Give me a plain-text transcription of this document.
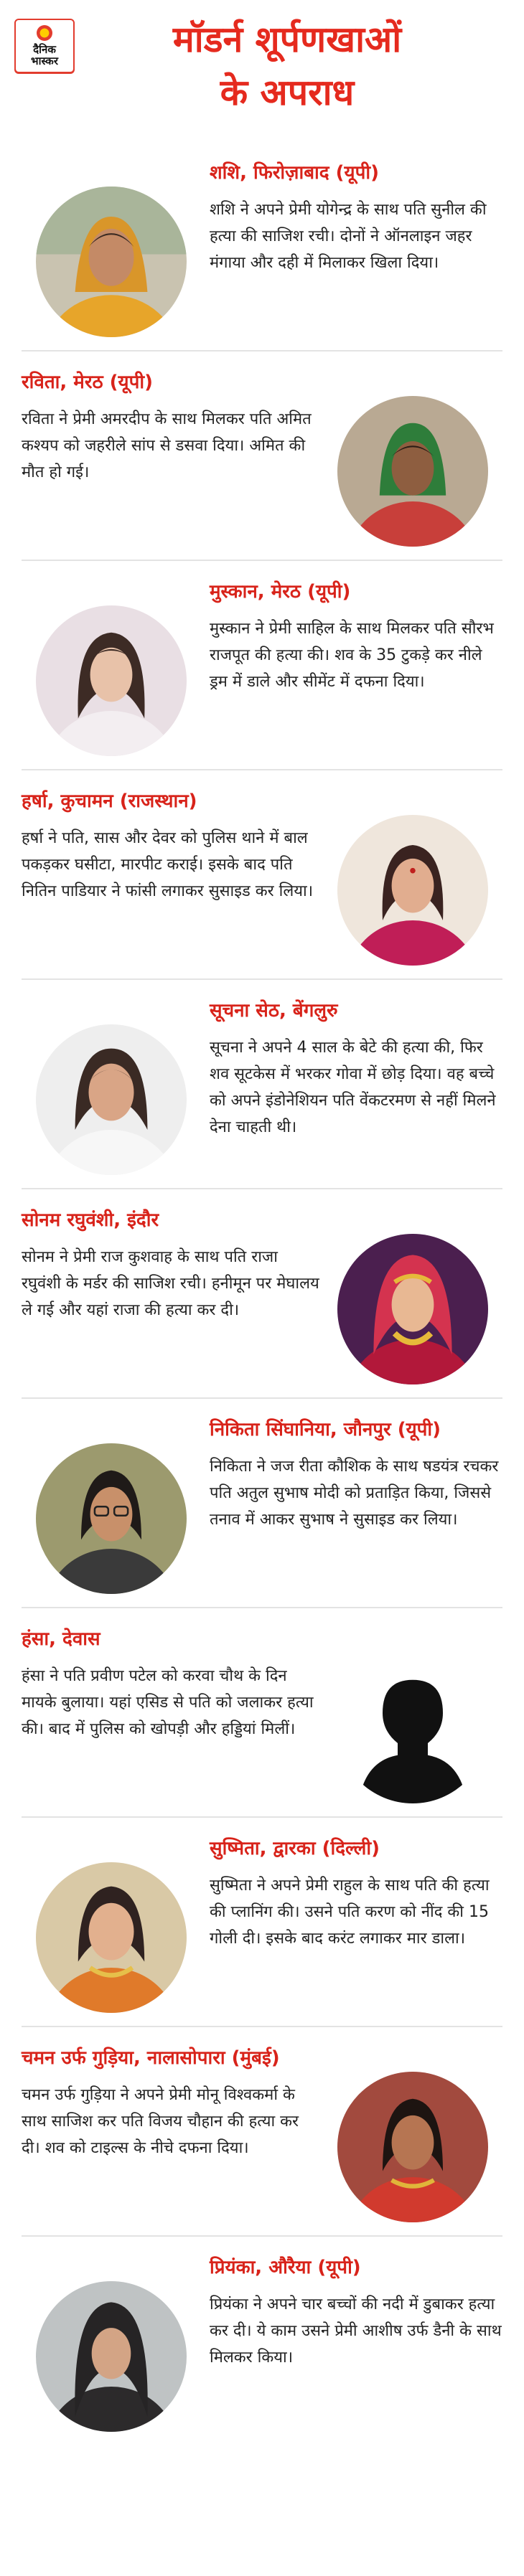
दैनिक
भास्कर
मॉडर्न शूर्पणखाओं
के अपराध
शशि, फिरोज़ाबाद (यूपी)
शशि ने अपने प्रेमी योगेन्द्र के साथ पति सुनील की हत्या की साजिश रची। दोनों ने ऑनलाइन जहर मंगाया और दही में मिलाकर खिला दिया।
रविता, मेरठ (यूपी)
रविता ने प्रेमी अमरदीप के साथ मिलकर पति अमित कश्यप को जहरीले सांप से डसवा दिया। अमित की मौत हो गई।
मुस्कान, मेरठ (यूपी)
मुस्कान ने प्रेमी साहिल के साथ मिलकर पति सौरभ राजपूत की हत्या की। शव के 35 टुकड़े कर नीले ड्रम में डाले और सीमेंट में दफना दिया।
हर्षा, कुचामन (राजस्थान)
हर्षा ने पति, सास और देवर को पुलिस थाने में बाल पकड़कर घसीटा, मारपीट कराई। इसके बाद पति नितिन पाडियार ने फांसी लगाकर सुसाइड कर लिया।
सूचना सेठ, बेंगलुरु
सूचना ने अपने 4 साल के बेटे की हत्या की, फिर शव सूटकेस में भरकर गोवा में छोड़ दिया। वह बच्चे को अपने इंडोनेशियन पति वेंकटरमण से नहीं मिलने देना चाहती थी।
सोनम रघुवंशी, इंदौर
सोनम ने प्रेमी राज कुशवाह के साथ पति राजा रघुवंशी के मर्डर की साजिश रची। हनीमून पर मेघालय ले गई और यहां राजा की हत्या कर दी।
निकिता सिंघानिया, जौनपुर (यूपी)
निकिता ने जज रीता कौशिक के साथ षडयंत्र रचकर पति अतुल सुभाष मोदी को प्रताड़ित किया, जिससे तनाव में आकर सुभाष ने सुसाइड कर लिया।
हंसा, देवास
हंसा ने पति प्रवीण पटेल को करवा चौथ के दिन मायके बुलाया। यहां एसिड से पति को जलाकर हत्या की। बाद में पुलिस को खोपड़ी और हड्डियां मिलीं।
सुष्मिता, द्वारका (दिल्ली)
सुष्मिता ने अपने प्रेमी राहुल के साथ पति की हत्या की प्लानिंग की। उसने पति करण को नींद की 15 गोली दी। इसके बाद करंट लगाकर मार डाला।
चमन उर्फ गुड़िया, नालासोपारा (मुंबई)
चमन उर्फ गुड़िया ने अपने प्रेमी मोनू विश्वकर्मा के साथ साजिश कर पति विजय चौहान की हत्या कर दी। शव को टाइल्स के नीचे दफना दिया।
प्रियंका, औरैया (यूपी)
प्रियंका ने अपने चार बच्चों की नदी में डुबाकर हत्या कर दी। ये काम उसने प्रेमी आशीष उर्फ डैनी के साथ मिलकर किया।
